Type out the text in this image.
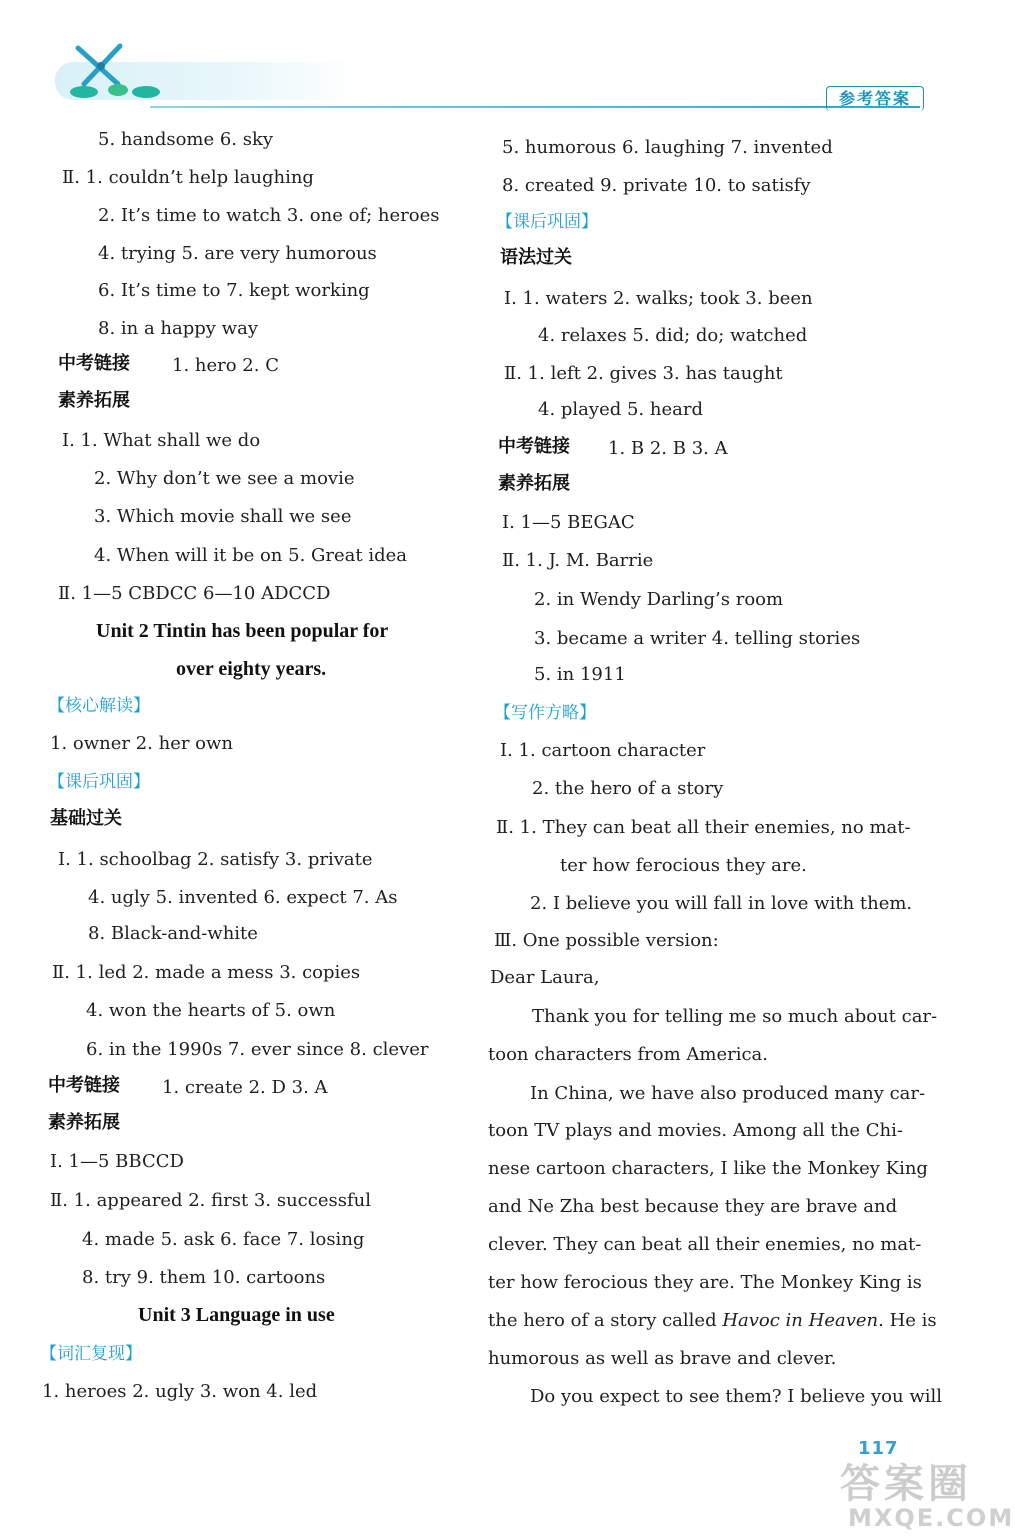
参考答案
5. handsome 6. sky
Ⅱ. 1. couldn’t help laughing
2. It’s time to watch 3. one of; heroes
4. trying 5. are very humorous
6. It’s time to 7. kept working
8. in a happy way
中考链接 1. hero 2. C
素养拓展
Ⅰ. 1. What shall we do
2. Why don’t we see a movie
3. Which movie shall we see
4. When will it be on 5. Great idea
Ⅱ. 1—5 CBDCC 6—10 ADCCD
Unit 2 Tintin has been popular for
over eighty years.
【核心解读】
1. owner 2. her own
【课后巩固】
基础过关
Ⅰ. 1. schoolbag 2. satisfy 3. private
4. ugly 5. invented 6. expect 7. As
8. Black-and-white
Ⅱ. 1. led 2. made a mess 3. copies
4. won the hearts of 5. own
6. in the 1990s 7. ever since 8. clever
中考链接 1. create 2. D 3. A
素养拓展
Ⅰ. 1—5 BBCCD
Ⅱ. 1. appeared 2. first 3. successful
4. made 5. ask 6. face 7. losing
8. try 9. them 10. cartoons
Unit 3 Language in use
【词汇复现】
1. heroes 2. ugly 3. won 4. led
5. humorous 6. laughing 7. invented
8. created 9. private 10. to satisfy
【课后巩固】
语法过关
Ⅰ. 1. waters 2. walks; took 3. been
4. relaxes 5. did; do; watched
Ⅱ. 1. left 2. gives 3. has taught
4. played 5. heard
中考链接 1. B 2. B 3. A
素养拓展
Ⅰ. 1—5 BEGAC
Ⅱ. 1. J. M. Barrie
2. in Wendy Darling’s room
3. became a writer 4. telling stories
5. in 1911
【写作方略】
Ⅰ. 1. cartoon character
2. the hero of a story
Ⅱ. 1. They can beat all their enemies, no mat-
ter how ferocious they are.
2. I believe you will fall in love with them.
Ⅲ. One possible version:
Dear Laura,
Thank you for telling me so much about car-
toon characters from America.
In China, we have also produced many car-
toon TV plays and movies. Among all the Chi-
nese cartoon characters, I like the Monkey King
and Ne Zha best because they are brave and
clever. They can beat all their enemies, no mat-
ter how ferocious they are. The Monkey King is
the hero of a story called Havoc in Heaven. He is
humorous as well as brave and clever.
Do you expect to see them? I believe you will
117
答案圈
MXQE.COM
